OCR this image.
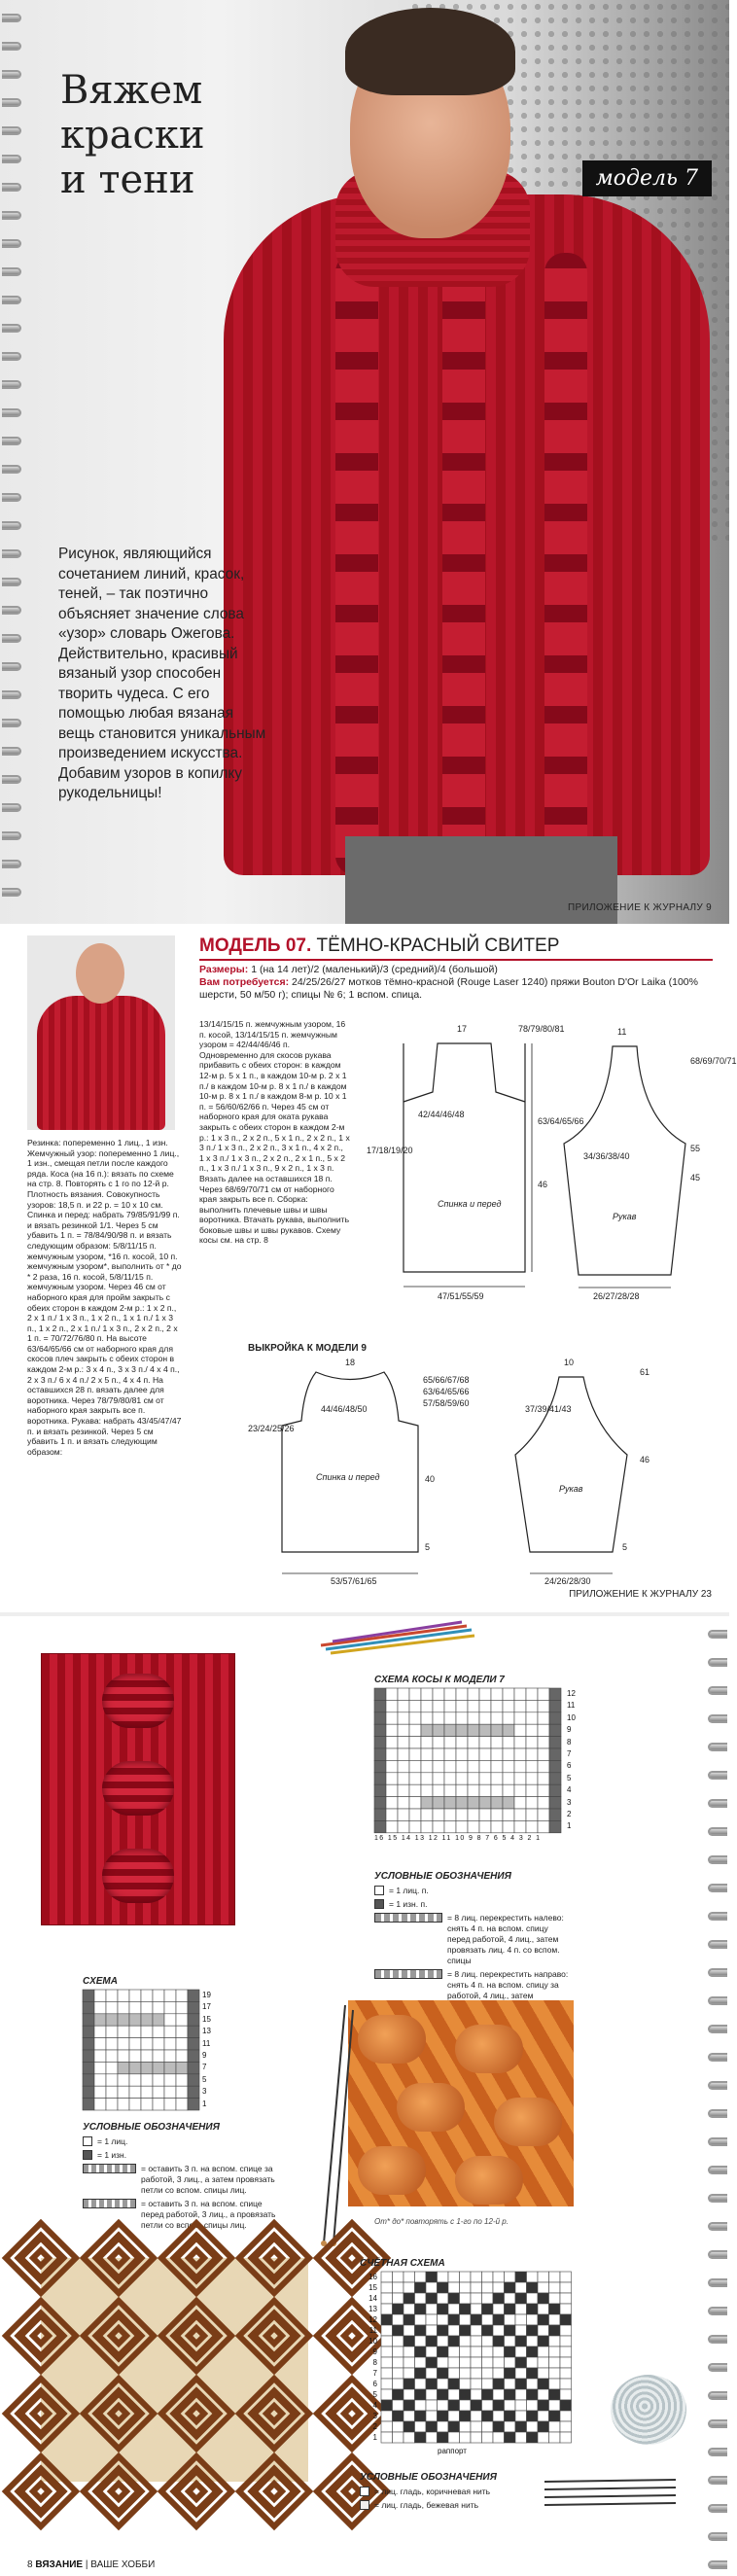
Вяжем
краски
и тени	модель 7
Рисунок, являющийся сочетанием линий, красок, теней, – так поэтично объясняет значение слова «узор» словарь Ожегова. Действительно, красивый вязаный узор способен творить чудеса. С его помощью любая вязаная вещь становится уникальным произведением искусства. Добавим узоров в копилку рукодельницы!
ПРИЛОЖЕНИЕ К ЖУРНАЛУ 9
МОДЕЛЬ 07. ТЁМНО-КРАСНЫЙ СВИТЕР
Размеры: 1 (на 14 лет)/2 (маленький)/3 (средний)/4 (большой)
Вам потребуется: 24/25/26/27 мотков тёмно-красной (Rouge Laser 1240) пряжи Bouton D'Or Laika (100% шерсти, 50 м/50 г); спицы № 6; 1 вспом. спица.
Резинка: попеременно 1 лиц., 1 изн. Жемчужный узор: попеременно 1 лиц., 1 изн., смещая петли после каждого ряда. Коса (на 16 п.): вязать по схеме на стр. 8. Повторять с 1 го по 12-й р. Плотность вязания. Совокупность узоров: 18,5 п. и 22 р. = 10 х 10 см. Спинка и перед: набрать 79/85/91/99 п. и вязать резинкой 1/1. Через 5 см убавить 1 п. = 78/84/90/98 п. и вязать следующим образом: 5/8/11/15 п. жемчужным узором, *16 п. косой, 10 п. жемчужным узором*, выполнить от * до * 2 раза, 16 п. косой, 5/8/11/15 п. жемчужным узором. Через 46 см от наборного края для пройм закрыть с обеих сторон в каждом 2-м р.: 1 х 2 п., 2 х 1 п./ 1 х 3 п., 1 х 2 п., 1 х 1 п./ 1 х 3 п., 1 х 2 п., 2 х 1 п./ 1 х 3 п., 2 х 2 п., 2 х 1 п. = 70/72/76/80 п. На высоте 63/64/65/66 см от наборного края для скосов плеч закрыть с обеих сторон в каждом 2-м р.: 3 х 4 п., 3 х 3 п./ 4 х 4 п., 2 х 3 п./ 6 х 4 п./ 2 х 5 п., 4 х 4 п. На оставшихся 28 п. вязать далее для воротника. Через 78/79/80/81 см от наборного края закрыть все п. воротника. Рукава: набрать 43/45/47/47 п. и вязать резинкой. Через 5 см убавить 1 п. и вязать следующим образом:
13/14/15/15 п. жемчужным узором, 16 п. косой, 13/14/15/15 п. жемчужным узором = 42/44/46/46 п. Одновременно для скосов рукава прибавить с обеих сторон: в каждом 12-м р. 5 х 1 п., в каждом 10-м р. 2 х 1 п./ в каждом 10-м р. 8 х 1 п./ в каждом 10-м р. 8 х 1 п./ в каждом 8-м р. 10 х 1 п. = 56/60/62/66 п. Через 45 см от наборного края для оката рукава закрыть с обеих сторон в каждом 2-м р.: 1 х 3 п., 2 х 2 п., 5 х 1 п., 2 х 2 п., 1 х 3 п./ 1 х 3 п., 2 х 2 п., 3 х 1 п., 4 х 2 п., 1 х 3 п./ 1 х 3 п., 2 х 2 п., 2 х 1 п., 5 х 2 п., 1 х 3 п./ 1 х 3 п., 9 х 2 п., 1 х 3 п. Вязать далее на оставшихся 18 п. Через 68/69/70/71 см от наборного края закрыть все п. Сборка: выполнить плечевые швы и швы воротника. Втачать рукава, выполнить боковые швы и швы рукавов. Схему косы см. на стр. 8
17	78/79/80/81
42/44/46/48
63/64/65/66
17/18/19/20
46
Спинка и перед
47/51/55/59
11
68/69/70/71
34/36/38/40
55
45
Рукав
26/27/28/28
ВЫКРОЙКА К МОДЕЛИ 9
18
65/66/67/68
63/64/65/66
57/58/59/60
23/24/25/26
44/46/48/50
40
Спинка и перед
5
53/57/61/65
10
37/39/41/43
61
46
Рукав
5
24/26/28/30
ПРИЛОЖЕНИЕ К ЖУРНАЛУ 23
СХЕМА КОСЫ К МОДЕЛИ 7
12
11
10
9
8
7
6
5
4
3
2
1
16 15 14 13 12 11 10 9 8 7 6 5 4 3 2 1
УСЛОВНЫЕ ОБОЗНАЧЕНИЯ
= 1 лиц. п.
= 1 изн. п.
= 8 лиц. перекрестить налево: снять 4 п. на вспом. спицу перед работой, 4 лиц., затем провязать лиц. 4 п. со вспом. спицы
= 8 лиц. перекрестить направо: снять 4 п. на вспом. спицу за работой, 4 лиц., затем
СХЕМА
19
17
15
13
11
9
7
5
3
1
УСЛОВНЫЕ ОБОЗНАЧЕНИЯ
= 1 лиц.
= 1 изн.
= оставить 3 п. на вспом. спице за работой, 3 лиц., а затем провязать петли со вспом. спицы лиц.
= оставить 3 п. на вспом. спице перед работой, 3 лиц., а провязать петли со вспом. спицы лиц.	От* до* повторять с 1-го по 12-й р.
СЧЁТНАЯ СХЕМА
16
15
14
13
12
11
10
9
8
7
6
5
4
3
2
1
раппорт
УСЛОВНЫЕ ОБОЗНАЧЕНИЯ
= лиц. гладь, коричневая нить
= лиц. гладь, бежевая нить
8 ВЯЗАНИЕ | ВАШЕ ХОББИ
